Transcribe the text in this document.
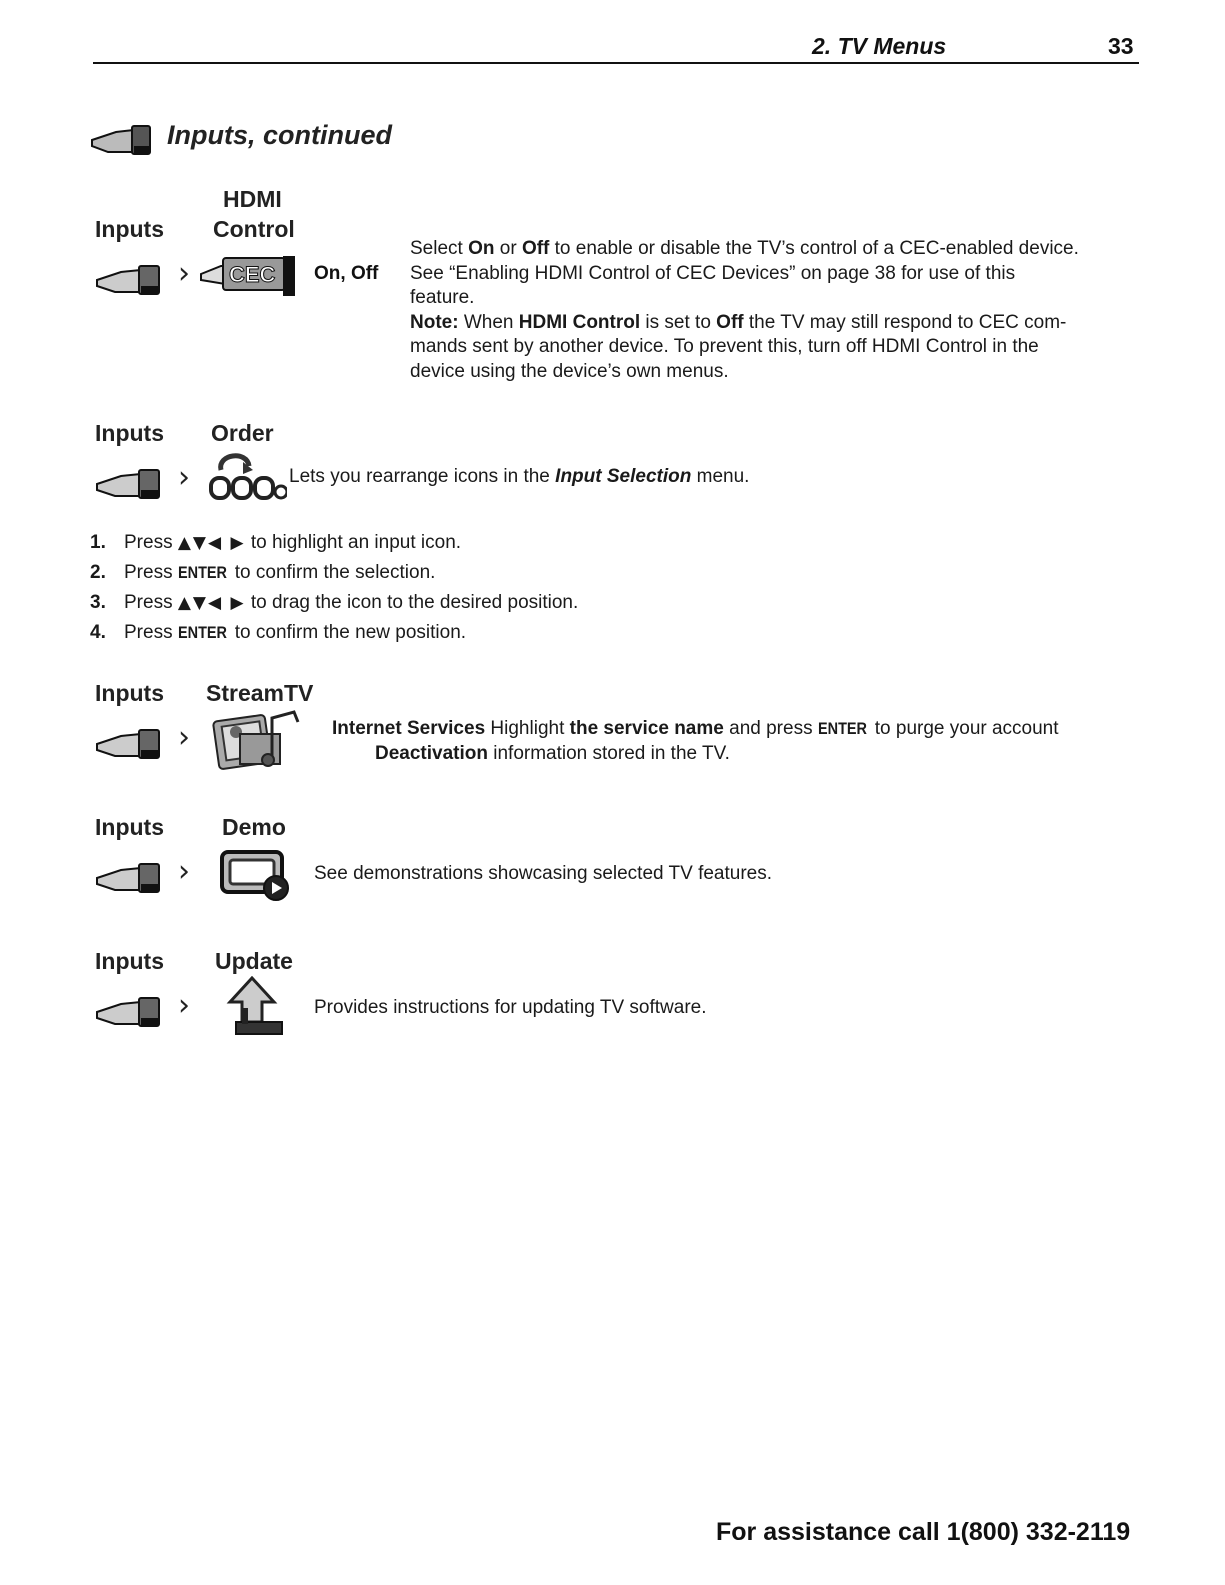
2. TV Menus	33
Inputs, continued
HDMI
Inputs Control
› CEC On, Off
Select On or Off to enable or disable the TV’s control of a CEC-enabled device.
See “Enabling HDMI Control of CEC Devices” on page 38 for use of this
feature.
Note: When HDMI Control is set to Off the TV may still respond to CEC com-
mands sent by another device. To prevent this, turn off HDMI Control in the
device using the device’s own menus.
Inputs Order
›	Lets you rearrange icons in the Input Selection menu.
1. Press ▲▼◀ ▶ to highlight an input icon.
2. Press ENTER to confirm the selection.
3. Press ▲▼◀ ▶ to drag the icon to the desired position.
4. Press ENTER to confirm the new position.
Inputs StreamTV
›	Internet Services Highlight the service name and press ENTER to purge your account
Deactivation information stored in the TV.
Inputs	Demo
›	See demonstrations showcasing selected TV features.
Inputs Update
›	Provides instructions for updating TV software.
For assistance call 1(800) 332-2119
